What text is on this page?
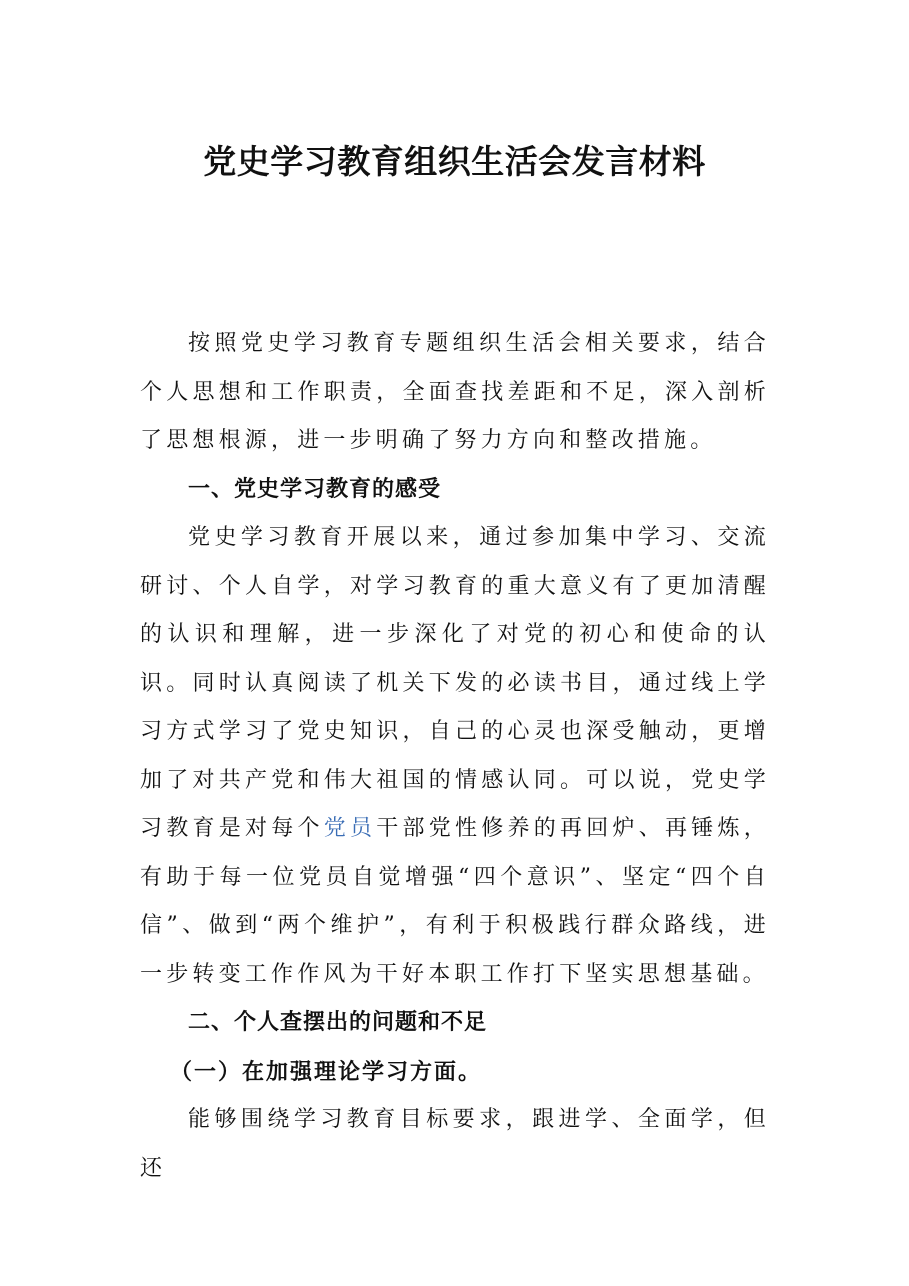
党史学习教育组织生活会发言材料

按照党史学习教育专题组织生活会相关要求，结合个人思想和工作职责，全面查找差距和不足，深入剖析了思想根源，进一步明确了努力方向和整改措施。

一、党史学习教育的感受

党史学习教育开展以来，通过参加集中学习、交流研讨、个人自学，对学习教育的重大意义有了更加清醒的认识和理解，进一步深化了对党的初心和使命的认识。同时认真阅读了机关下发的必读书目，通过线上学习方式学习了党史知识，自己的心灵也深受触动，更增加了对共产党和伟大祖国的情感认同。可以说，党史学习教育是对每个党员干部党性修养的再回炉、再锤炼，有助于每一位党员自觉增强“四个意识”、坚定“四个自信”、做到“两个维护”，有利于积极践行群众路线，进一步转变工作作风为干好本职工作打下坚实思想基础。

二、个人查摆出的问题和不足

（一）在加强理论学习方面。

能够围绕学习教育目标要求，跟进学、全面学，但还
